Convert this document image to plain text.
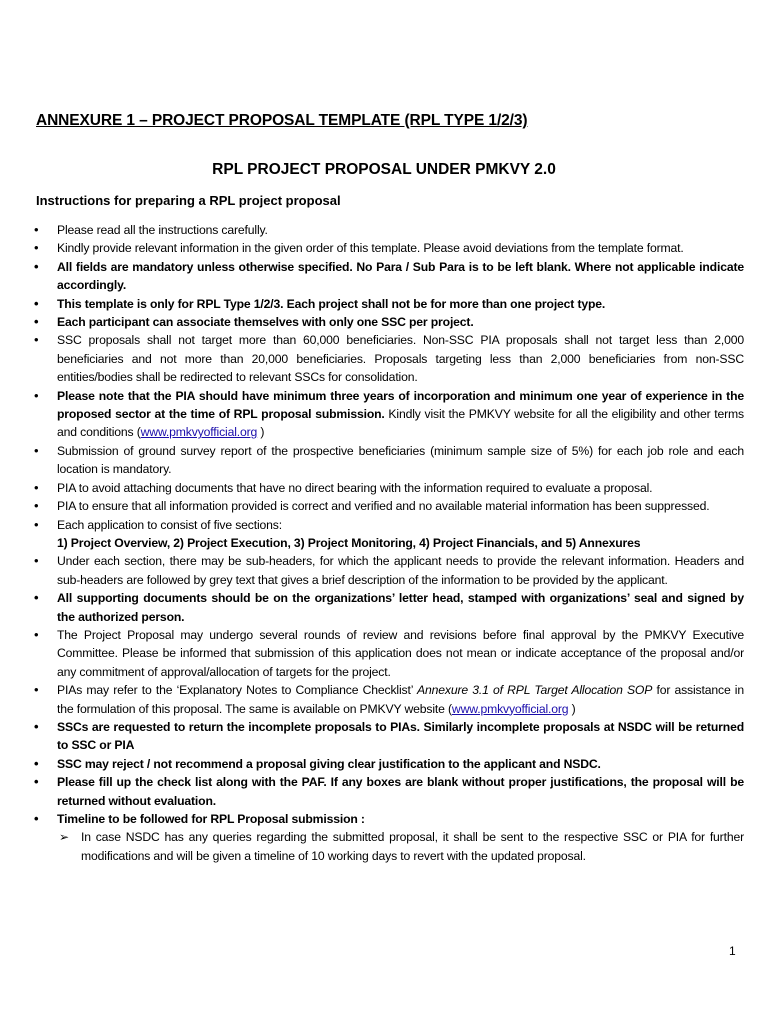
ANNEXURE 1 – PROJECT PROPOSAL TEMPLATE (RPL TYPE 1/2/3)
RPL PROJECT PROPOSAL UNDER PMKVY 2.0
Instructions for preparing a RPL project proposal
• Please read all the instructions carefully.
• Kindly provide relevant information in the given order of this template. Please avoid deviations from the template format.
• All fields are mandatory unless otherwise specified. No Para / Sub Para is to be left blank. Where not applicable indicate accordingly.
• This template is only for RPL Type 1/2/3. Each project shall not be for more than one project type.
• Each participant can associate themselves with only one SSC per project.
• SSC proposals shall not target more than 60,000 beneficiaries. Non-SSC PIA proposals shall not target less than 2,000 beneficiaries and not more than 20,000 beneficiaries. Proposals targeting less than 2,000 beneficiaries from non-SSC entities/bodies shall be redirected to relevant SSCs for consolidation.
• Please note that the PIA should have minimum three years of incorporation and minimum one year of experience in the proposed sector at the time of RPL proposal submission. Kindly visit the PMKVY website for all the eligibility and other terms and conditions (www.pmkvyofficial.org )
• Submission of ground survey report of the prospective beneficiaries (minimum sample size of 5%) for each job role and each location is mandatory.
• PIA to avoid attaching documents that have no direct bearing with the information required to evaluate a proposal.
• PIA to ensure that all information provided is correct and verified and no available material information has been suppressed.
• Each application to consist of five sections:
1) Project Overview, 2) Project Execution, 3) Project Monitoring, 4) Project Financials, and 5) Annexures
• Under each section, there may be sub-headers, for which the applicant needs to provide the relevant information. Headers and sub-headers are followed by grey text that gives a brief description of the information to be provided by the applicant.
• All supporting documents should be on the organizations’ letter head, stamped with organizations’ seal and signed by the authorized person.
• The Project Proposal may undergo several rounds of review and revisions before final approval by the PMKVY Executive Committee. Please be informed that submission of this application does not mean or indicate acceptance of the proposal and/or any commitment of approval/allocation of targets for the project.
• PIAs may refer to the ‘Explanatory Notes to Compliance Checklist’ Annexure 3.1 of RPL Target Allocation SOP for assistance in the formulation of this proposal. The same is available on PMKVY website (www.pmkvyofficial.org )
• SSCs are requested to return the incomplete proposals to PIAs. Similarly incomplete proposals at NSDC will be returned to SSC or PIA
• SSC may reject / not recommend a proposal giving clear justification to the applicant and NSDC.
• Please fill up the check list along with the PAF. If any boxes are blank without proper justifications, the proposal will be returned without evaluation.
• Timeline to be followed for RPL Proposal submission :
➢ In case NSDC has any queries regarding the submitted proposal, it shall be sent to the respective SSC or PIA for further modifications and will be given a timeline of 10 working days to revert with the updated proposal.
1
